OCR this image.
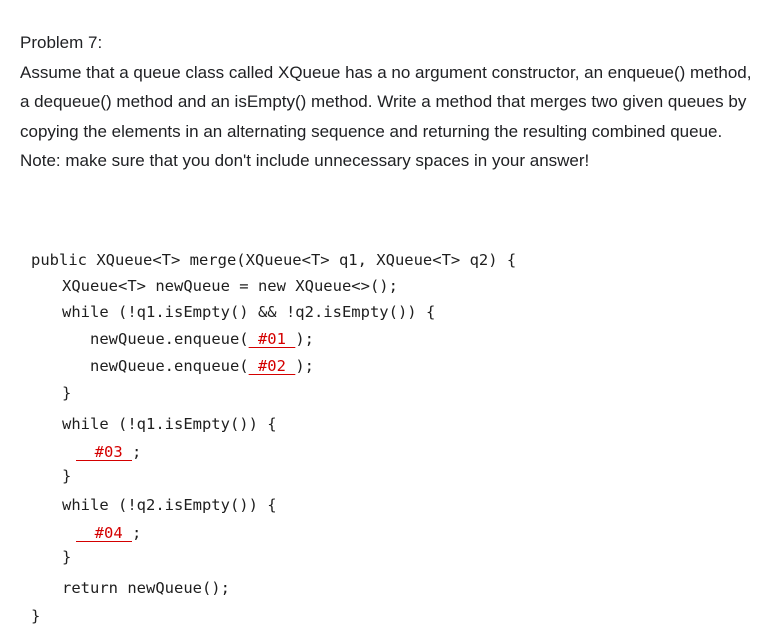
Problem 7:

Assume that a queue class called XQueue has a no argument constructor, an enqueue() method, a dequeue() method and an isEmpty() method. Write a method that merges two given queues by copying the elements in an alternating sequence and returning the resulting combined queue.

Note: make sure that you don't include unnecessary spaces in your answer!

public XQueue<T> merge(XQueue<T> q1, XQueue<T> q2) {
XQueue<T> newQueue = new XQueue<>();
while (!q1.isEmpty() && !q2.isEmpty()) {
newQueue.enqueue( #01 );
newQueue.enqueue( #02 );
}
while (!q1.isEmpty()) {
#03 ;
}
while (!q2.isEmpty()) {
#04 ;
}
return newQueue();
}
